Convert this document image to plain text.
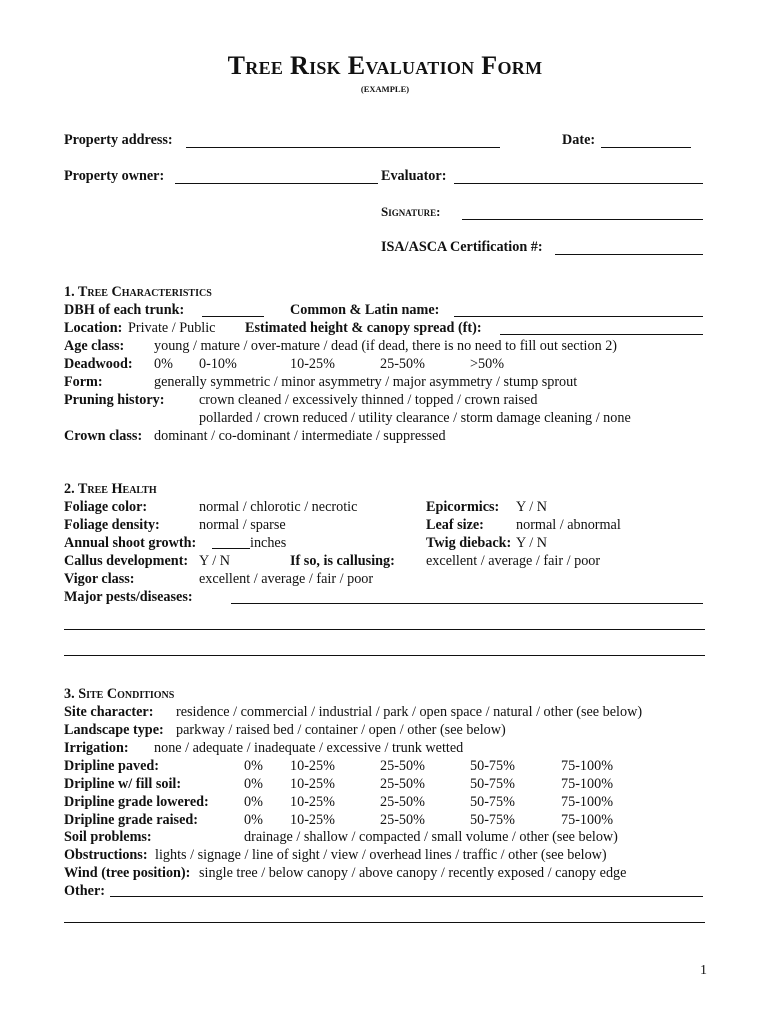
Tree Risk Evaluation Form
(EXAMPLE)
Property address:	Date:
Property owner:	Evaluator:
Signature:
ISA/ASCA Certification #:
1. Tree Characteristics
DBH of each trunk:	Common & Latin name:
Location: Private / Public Estimated height & canopy spread (ft):
Age class: young / mature / over-mature / dead (if dead, there is no need to fill out section 2)
Deadwood: 0% 0-10%	10-25%	25-50%	>50%
Form:	generally symmetric / minor asymmetry / major asymmetry / stump sprout
Pruning history: crown cleaned / excessively thinned / topped / crown raised
pollarded / crown reduced / utility clearance / storm damage cleaning / none
Crown class: dominant / co-dominant / intermediate / suppressed
2. Tree Health
Foliage color:	normal / chlorotic / necrotic	Epicormics: Y / N
Foliage density:	normal / sparse	Leaf size: normal / abnormal
Annual shoot growth:	inches	Twig dieback: Y / N
Callus development: Y / N	If so, is callusing: excellent / average / fair / poor
Vigor class:	excellent / average / fair / poor
Major pests/diseases:
3. Site Conditions
Site character: residence / commercial / industrial / park / open space / natural / other (see below)
Landscape type: parkway / raised bed / container / open / other (see below)
Irrigation: none / adequate / inadequate / excessive / trunk wetted
Dripline paved:	0% 10-25%	25-50%	50-75%	75-100%
Dripline w/ fill soil:	0% 10-25%	25-50%	50-75%	75-100%
Dripline grade lowered: 0% 10-25%	25-50%	50-75%	75-100%
Dripline grade raised:	0% 10-25%	25-50%	50-75%	75-100%
Soil problems:	drainage / shallow / compacted / small volume / other (see below)
Obstructions: lights / signage / line of sight / view / overhead lines / traffic / other (see below)
Wind (tree position): single tree / below canopy / above canopy / recently exposed / canopy edge
Other:
1
